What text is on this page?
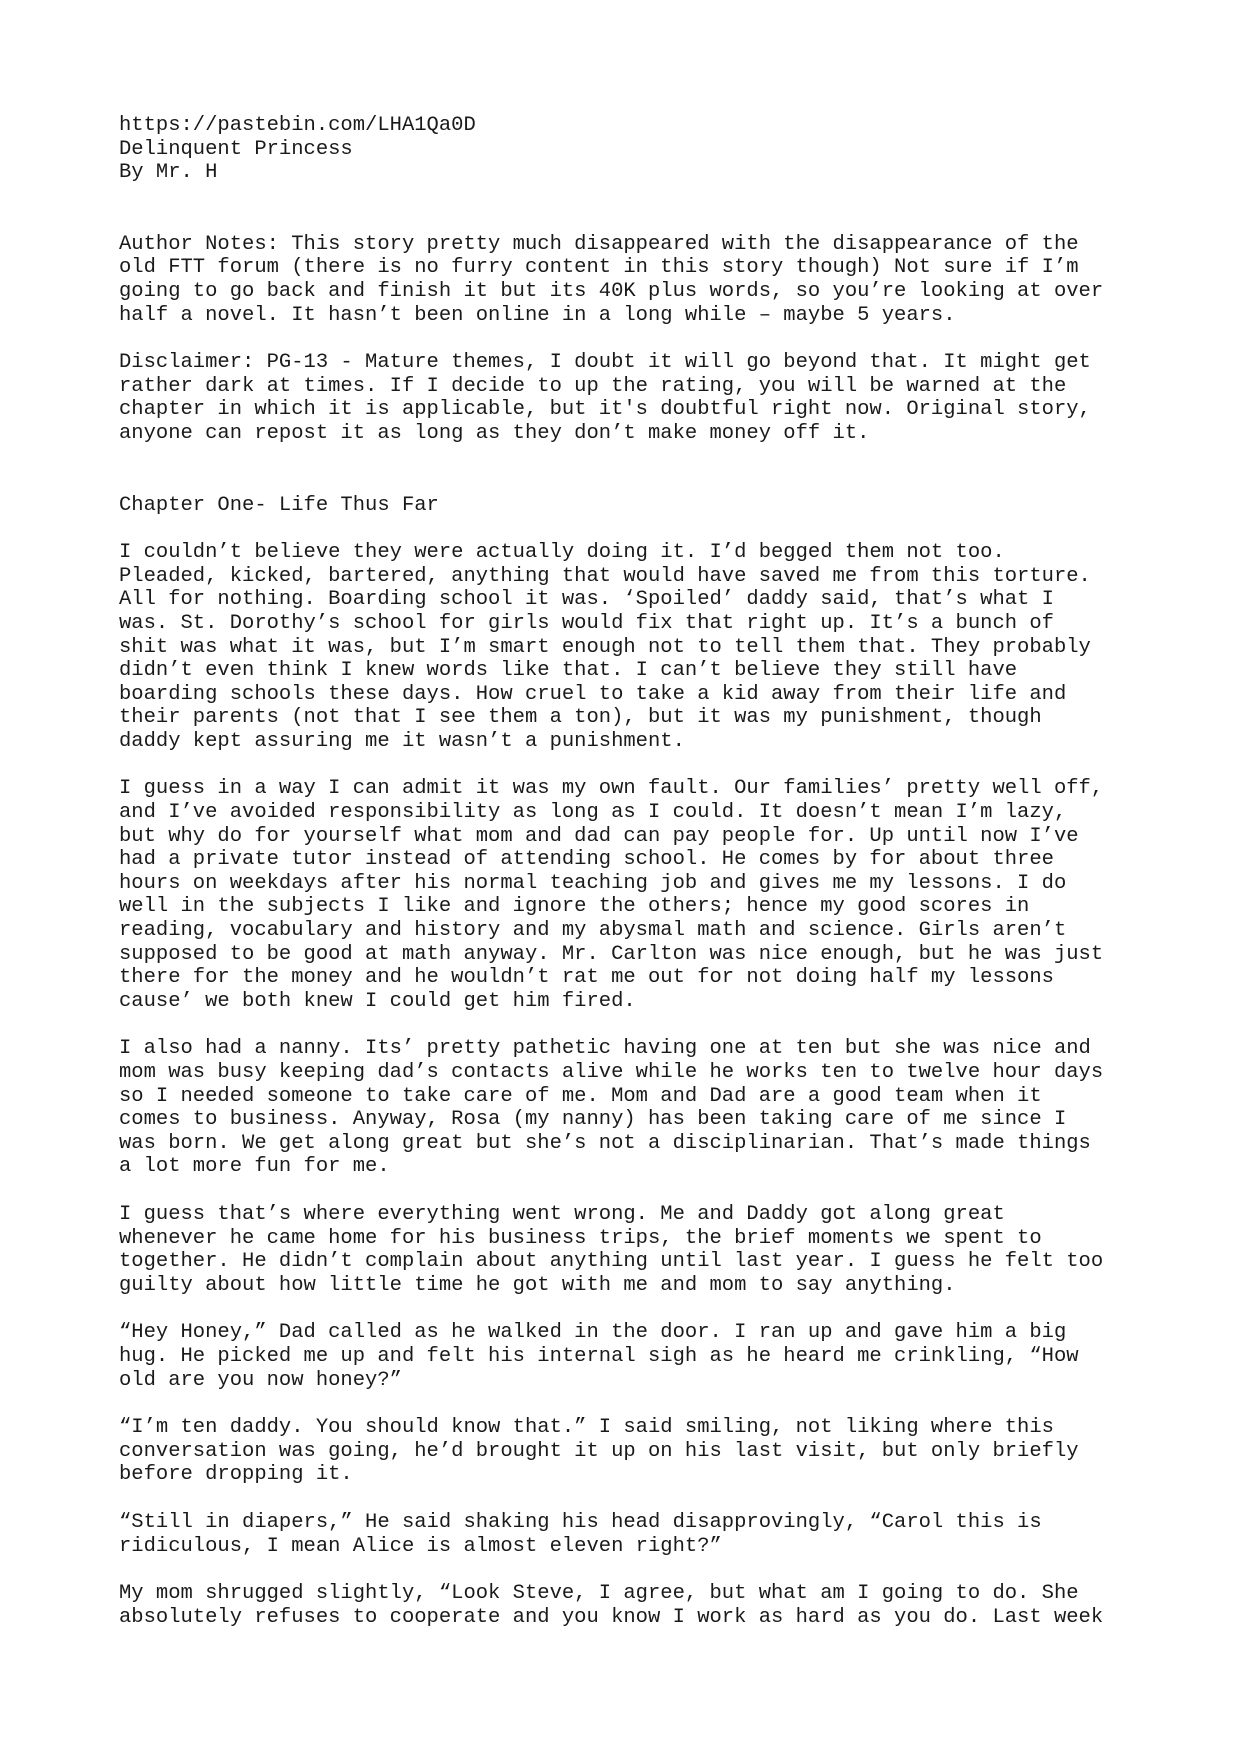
https://pastebin.com/LHA1Qa0D
Delinquent Princess
By Mr. H
Author Notes: This story pretty much disappeared with the disappearance of the
old FTT forum (there is no furry content in this story though) Not sure if I’m
going to go back and finish it but its 40K plus words, so you’re looking at over
half a novel. It hasn’t been online in a long while – maybe 5 years.
Disclaimer: PG-13 - Mature themes, I doubt it will go beyond that. It might get
rather dark at times. If I decide to up the rating, you will be warned at the
chapter in which it is applicable, but it's doubtful right now. Original story,
anyone can repost it as long as they don’t make money off it.
Chapter One- Life Thus Far
I couldn’t believe they were actually doing it. I’d begged them not too.
Pleaded, kicked, bartered, anything that would have saved me from this torture.
All for nothing. Boarding school it was. ‘Spoiled’ daddy said, that’s what I
was. St. Dorothy’s school for girls would fix that right up. It’s a bunch of
shit was what it was, but I’m smart enough not to tell them that. They probably
didn’t even think I knew words like that. I can’t believe they still have
boarding schools these days. How cruel to take a kid away from their life and
their parents (not that I see them a ton), but it was my punishment, though
daddy kept assuring me it wasn’t a punishment.
I guess in a way I can admit it was my own fault. Our families’ pretty well off,
and I’ve avoided responsibility as long as I could. It doesn’t mean I’m lazy,
but why do for yourself what mom and dad can pay people for. Up until now I’ve
had a private tutor instead of attending school. He comes by for about three
hours on weekdays after his normal teaching job and gives me my lessons. I do
well in the subjects I like and ignore the others; hence my good scores in
reading, vocabulary and history and my abysmal math and science. Girls aren’t
supposed to be good at math anyway. Mr. Carlton was nice enough, but he was just
there for the money and he wouldn’t rat me out for not doing half my lessons
cause’ we both knew I could get him fired.
I also had a nanny. Its’ pretty pathetic having one at ten but she was nice and
mom was busy keeping dad’s contacts alive while he works ten to twelve hour days
so I needed someone to take care of me. Mom and Dad are a good team when it
comes to business. Anyway, Rosa (my nanny) has been taking care of me since I
was born. We get along great but she’s not a disciplinarian. That’s made things
a lot more fun for me.
I guess that’s where everything went wrong. Me and Daddy got along great
whenever he came home for his business trips, the brief moments we spent to
together. He didn’t complain about anything until last year. I guess he felt too
guilty about how little time he got with me and mom to say anything.
“Hey Honey,” Dad called as he walked in the door. I ran up and gave him a big
hug. He picked me up and felt his internal sigh as he heard me crinkling, “How
old are you now honey?”
“I’m ten daddy. You should know that.” I said smiling, not liking where this
conversation was going, he’d brought it up on his last visit, but only briefly
before dropping it.
“Still in diapers,” He said shaking his head disapprovingly, “Carol this is
ridiculous, I mean Alice is almost eleven right?”
My mom shrugged slightly, “Look Steve, I agree, but what am I going to do. She
absolutely refuses to cooperate and you know I work as hard as you do. Last week
